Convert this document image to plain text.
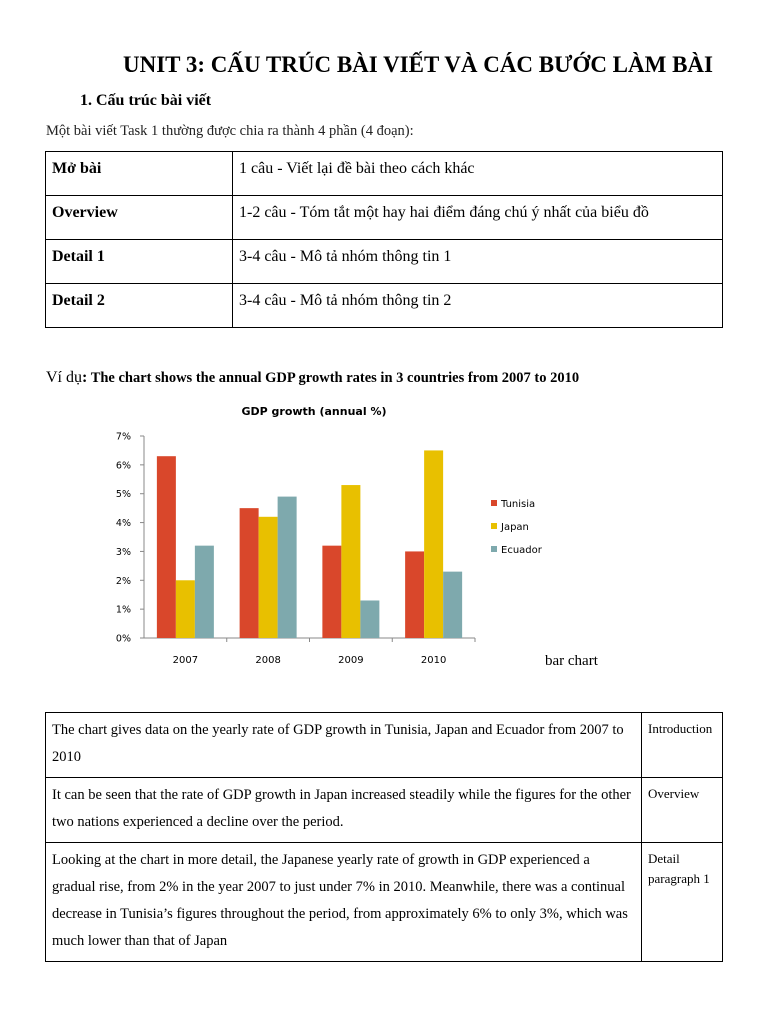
UNIT 3: CẤU TRÚC BÀI VIẾT VÀ CÁC BƯỚC LÀM BÀI
1. Cấu trúc bài viết
Một bài viết Task 1 thường được chia ra thành 4 phần (4 đoạn):
Mở bài	1 câu - Viết lại đề bài theo cách khác
Overview	1-2 câu - Tóm tắt một hay hai điểm đáng chú ý nhất của biểu đồ
Detail 1	3-4 câu - Mô tả nhóm thông tin 1
Detail 2	3-4 câu - Mô tả nhóm thông tin 2
Ví dụ: The chart shows the annual GDP growth rates in 3 countries from 2007 to 2010
GDP growth (annual %)
0%
1%
2%
3%
4%
5%
6%
7%
2007	2008	2009	2010
Tunisia
Japan
Ecuador
bar chart
The chart gives data on the yearly rate of GDP growth in Tunisia, Japan and Ecuador from 2007 to 2010	Introduction
It can be seen that the rate of GDP growth in Japan increased steadily while the figures for the other two nations experienced a decline over the period.	Overview
Looking at the chart in more detail, the Japanese yearly rate of growth in GDP experienced a gradual rise, from 2% in the year 2007 to just under 7% in 2010. Meanwhile, there was a continual decrease in Tunisia’s figures throughout the period, from approximately 6% to only 3%, which was much lower than that of Japan	Detail paragraph 1
